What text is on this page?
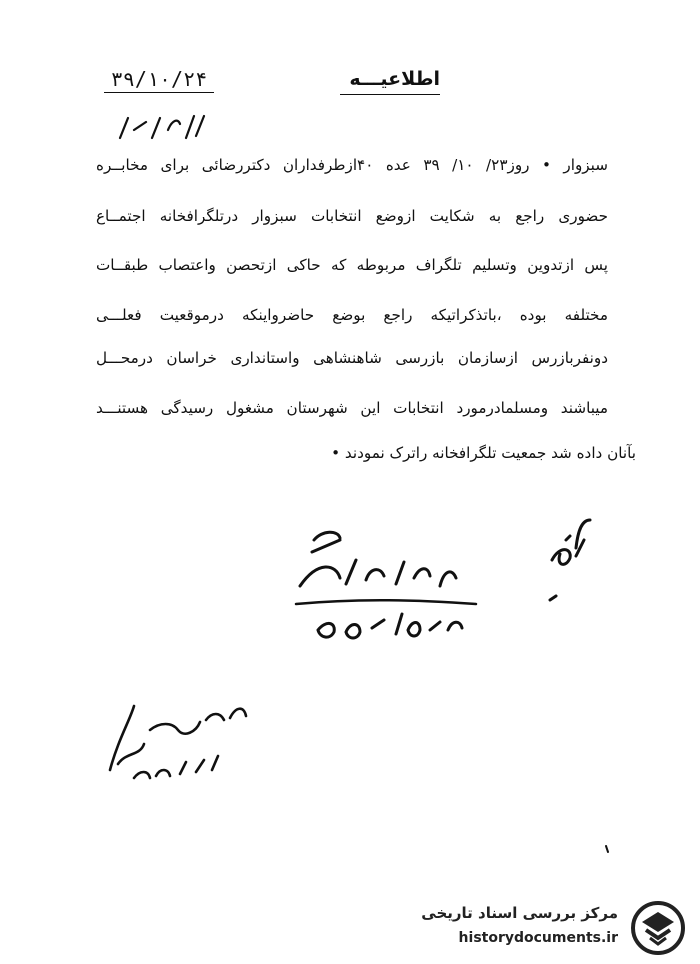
۳۹/۱۰/۲۴	اطلاعیـــه
سبزوار • روز۲۳/ ۱۰/ ۳۹ عده ۴۰ازطرفداران دکتررضائی برای مخابــره
حضوری راجع به شکایت ازوضع انتخابات سبزوار درتلگرافخانه اجتمــاع
پس ازتدوین وتسلیم تلگراف مربوطه که حاکی ازتحصن واعتصاب طبقــات
مختلفه بوده ،باتذکراتیکه راجع بوضع حاضرواینکه درموقعیت فعلـــی
دونفربازرس ازسازمان بازرسی شاهنشاهی واستانداری خراسان درمحـــل
میباشند ومسلمادرمورد انتخابات این شهرستان مشغول رسیدگی هستنـــد
بآنان داده شد جمعیت تلگرافخانه راترک نمودند •
مرکز بررسی اسناد تاریخی
historydocuments.ir
